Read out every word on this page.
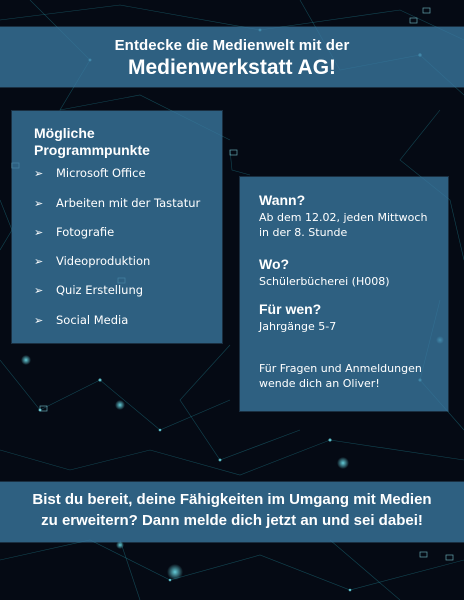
Entdecke die Medienwelt mit der
Medienwerkstatt AG!
Mögliche
Programmpunkte
➢ Microsoft Office
➢ Arbeiten mit der Tastatur
➢ Fotografie
➢ Videoproduktion
➢ Quiz Erstellung
➢ Social Media
Wann?
Ab dem 12.02, jeden Mittwoch
in der 8. Stunde
Wo?
Schülerbücherei (H008)
Für wen?
Jahrgänge 5-7
Für Fragen und Anmeldungen
wende dich an Oliver!
Bist du bereit, deine Fähigkeiten im Umgang mit Medien
zu erweitern? Dann melde dich jetzt an und sei dabei!
